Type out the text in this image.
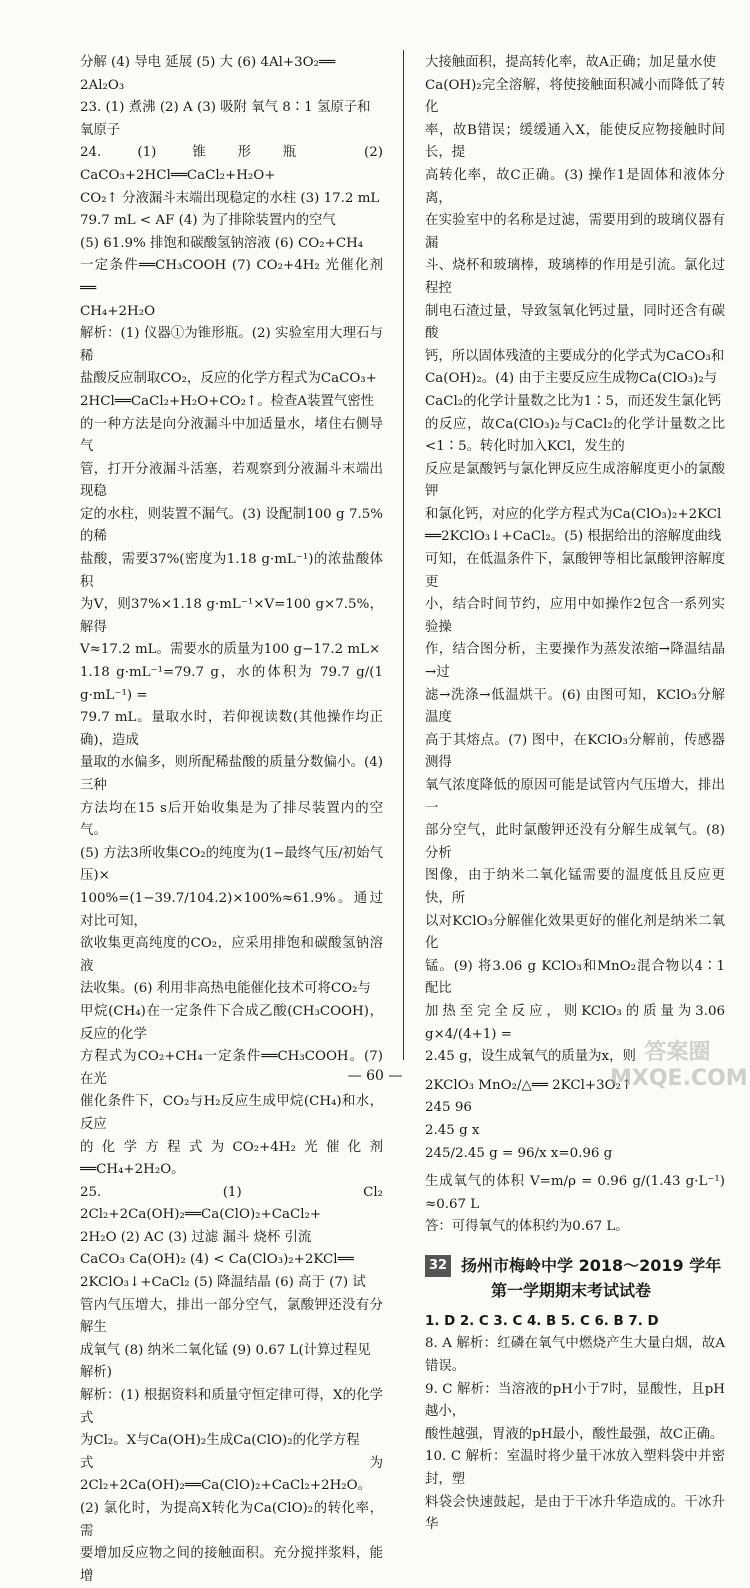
分解 (4) 导电 延展 (5) 大 (6) 4Al+3O₂══

2Al₂O₃

23. (1) 煮沸 (2) A (3) 吸附 氧气 8∶1 氢原子和

氧原子

24. (1) 锥形瓶 (2) CaCO₃+2HCl══CaCl₂+H₂O+

CO₂↑ 分液漏斗末端出现稳定的水柱 (3) 17.2 mL

79.7 mL < AF (4) 为了排除装置内的空气

(5) 61.9% 排饱和碳酸氢钠溶液 (6) CO₂+CH₄

一定条件══CH₃COOH (7) CO₂+4H₂ 光催化剂══

CH₄+2H₂O

解析：(1) 仪器①为锥形瓶。(2) 实验室用大理石与稀

盐酸反应制取CO₂，反应的化学方程式为CaCO₃+

2HCl══CaCl₂+H₂O+CO₂↑。检查A装置气密性

的一种方法是向分液漏斗中加适量水，堵住右侧导气

管，打开分液漏斗活塞，若观察到分液漏斗末端出现稳

定的水柱，则装置不漏气。(3) 设配制100 g 7.5%的稀

盐酸，需要37%(密度为1.18 g·mL⁻¹)的浓盐酸体积

为V，则37%×1.18 g·mL⁻¹×V=100 g×7.5%，解得

V≈17.2 mL。需要水的质量为100 g−17.2 mL×

1.18 g·mL⁻¹=79.7 g，水的体积为 79.7 g/(1 g·mL⁻¹) =

79.7 mL。量取水时，若仰视读数(其他操作均正确)，造成

量取的水偏多，则所配稀盐酸的质量分数偏小。(4) 三种

方法均在15 s后开始收集是为了排尽装置内的空气。

(5) 方法3所收集CO₂的纯度为(1−最终气压/初始气压)×

100%=(1−39.7/104.2)×100%≈61.9%。通过对比可知，

欲收集更高纯度的CO₂，应采用排饱和碳酸氢钠溶液

法收集。(6) 利用非高热电能催化技术可将CO₂与

甲烷(CH₄)在一定条件下合成乙酸(CH₃COOH)，反应的化学

方程式为CO₂+CH₄一定条件══CH₃COOH。(7) 在光

催化条件下，CO₂与H₂反应生成甲烷(CH₄)和水，反应

的化学方程式为CO₂+4H₂光催化剂══CH₄+2H₂O。

25. (1) Cl₂ 2Cl₂+2Ca(OH)₂══Ca(ClO)₂+CaCl₂+

2H₂O (2) AC (3) 过滤 漏斗 烧杯 引流

CaCO₃ Ca(OH)₂ (4) < Ca(ClO₃)₂+2KCl══

2KClO₃↓+CaCl₂ (5) 降温结晶 (6) 高于 (7) 试

管内气压增大，排出一部分空气，氯酸钾还没有分解生

成氧气 (8) 纳米二氧化锰 (9) 0.67 L(计算过程见

解析)

解析：(1) 根据资料和质量守恒定律可得，X的化学式

为Cl₂。X与Ca(OH)₂生成Ca(ClO)₂的化学方程

式为2Cl₂+2Ca(OH)₂══Ca(ClO)₂+CaCl₂+2H₂O。

(2) 氯化时，为提高X转化为Ca(ClO)₂的转化率，需

要增加反应物之间的接触面积。充分搅拌浆料，能增

大接触面积，提高转化率，故A正确；加足量水使

Ca(OH)₂完全溶解，将使接触面积减小而降低了转化

率，故B错误；缓缓通入X，能使反应物接触时间长，提

高转化率，故C正确。(3) 操作1是固体和液体分离，

在实验室中的名称是过滤，需要用到的玻璃仪器有漏

斗、烧杯和玻璃棒，玻璃棒的作用是引流。氯化过程控

制电石渣过量，导致氢氧化钙过量，同时还含有碳酸

钙，所以固体残渣的主要成分的化学式为CaCO₃和

Ca(OH)₂。(4) 由于主要反应生成物Ca(ClO₃)₂与

CaCl₂的化学计量数之比为1∶5，而还发生氯化钙

的反应，故Ca(ClO₃)₂与CaCl₂的化学计量数之比<1∶5。转化时加入KCl，发生的

反应是氯酸钙与氯化钾反应生成溶解度更小的氯酸钾

和氯化钙，对应的化学方程式为Ca(ClO₃)₂+2KCl

══2KClO₃↓+CaCl₂。(5) 根据给出的溶解度曲线

可知，在低温条件下，氯酸钾等相比氯酸钾溶解度更

小，结合时间节约，应用中如操作2包含一系列实验操

作，结合图分析，主要操作为蒸发浓缩→降温结晶→过

滤→洗涤→低温烘干。(6) 由图可知，KClO₃分解温度

高于其熔点。(7) 图中，在KClO₃分解前，传感器测得

氧气浓度降低的原因可能是试管内气压增大，排出一

部分空气，此时氯酸钾还没有分解生成氧气。(8) 分析

图像，由于纳米二氧化锰需要的温度低且反应更快，所

以对KClO₃分解催化效果更好的催化剂是纳米二氧化

锰。(9) 将3.06 g KClO₃和MnO₂混合物以4∶1配比

加热至完全反应，则KClO₃的质量为3.06 g×4/(4+1) =

2.45 g，设生成氧气的质量为x，则

2KClO₃ MnO₂/△══ 2KCl+3O₂↑

245 96

2.45 g x

245/2.45 g = 96/x x=0.96 g

生成氧气的体积 V=m/ρ = 0.96 g/(1.43 g·L⁻¹) ≈0.67 L

答：可得氧气的体积约为0.67 L。

32 扬州市梅岭中学 2018～2019 学年
第一学期期末考试试卷

1. D 2. C 3. C 4. B 5. C 6. B 7. D

8. A 解析：红磷在氧气中燃烧产生大量白烟，故A错误。

9. C 解析：当溶液的pH小于7时，显酸性，且pH越小，

酸性越强，胃液的pH最小，酸性最强，故C正确。

10. C 解析：室温时将少量干冰放入塑料袋中并密封，塑

料袋会快速鼓起，是由于干冰升华造成的。干冰升华

— 60 —
答案圈 MXQE.COM
